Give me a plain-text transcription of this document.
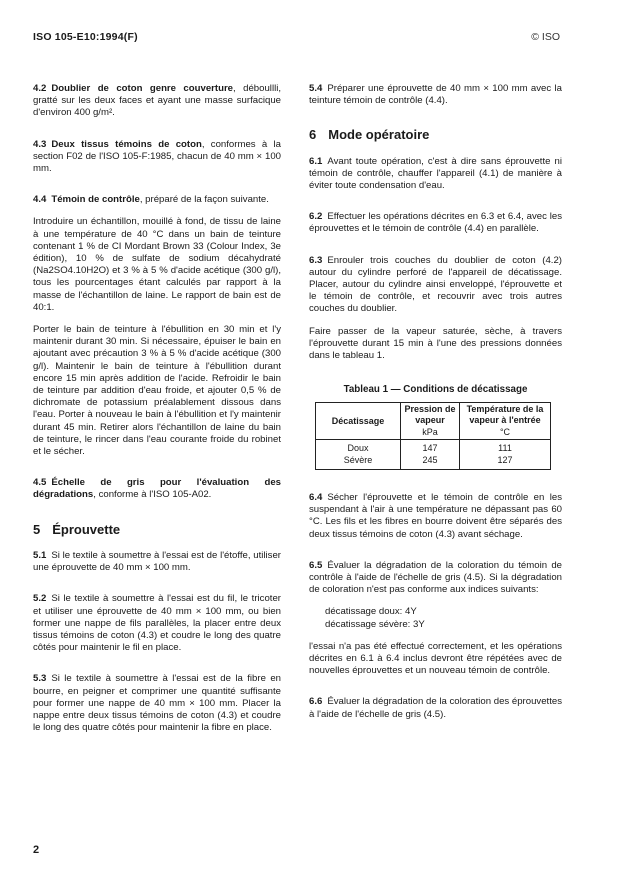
ISO 105-E10:1994(F)	© ISO

4.2 Doublier de coton genre couverture, déboullli, gratté sur les deux faces et ayant une masse surfacique d'environ 400 g/m².

4.3 Deux tissus témoins de coton, conformes à la section F02 de l'ISO 105-F:1985, chacun de 40 mm × 100 mm.

4.4 Témoin de contrôle, préparé de la façon suivante.

Introduire un échantillon, mouillé à fond, de tissu de laine à une température de 40 °C dans un bain de teinture contenant 1 % de CI Mordant Brown 33 (Colour Index, 3e édition), 10 % de sulfate de sodium décahydraté (Na2SO4.10H2O) et 3 % à 5 % d'acide acétique (300 g/l), tous les pourcentages étant calculés par rapport à la masse de l'échantillon de laine. Le rapport de bain est de 40:1.

Porter le bain de teinture à l'ébullition en 30 min et l'y maintenir durant 30 min. Si nécessaire, épuiser le bain en ajoutant avec précaution 3 % à 5 % d'acide acétique (300 g/l). Maintenir le bain de teinture à l'ébullition durant encore 15 min après addition de l'acide. Refroidir le bain de teinture par addition d'eau froide, et ajouter 0,5 % de dichromate de potassium préalablement dissous dans l'eau. Porter à nouveau le bain à l'ébullition et l'y maintenir durant 45 min. Retirer alors l'échantillon de laine du bain de teinture, le rincer dans l'eau courante froide du robinet et le sécher.

4.5 Échelle de gris pour l'évaluation des dégradations, conforme à l'ISO 105-A02.

5 Éprouvette

5.1 Si le textile à soumettre à l'essai est de l'étoffe, utiliser une éprouvette de 40 mm × 100 mm.

5.2 Si le textile à soumettre à l'essai est du fil, le tricoter et utiliser une éprouvette de 40 mm × 100 mm, ou bien former une nappe de fils parallèles, la placer entre deux tissus témoins de coton (4.3) et coudre le long des quatre côtés pour maintenir le fil en place.

5.3 Si le textile à soumettre à l'essai est de la fibre en bourre, en peigner et comprimer une quantité suffisante pour former une nappe de 40 mm × 100 mm. Placer la nappe entre deux tissus témoins de coton (4.3) et coudre le long des quatre côtés pour maintenir la fibre en place.

5.4 Préparer une éprouvette de 40 mm × 100 mm avec la teinture témoin de contrôle (4.4).

6 Mode opératoire

6.1 Avant toute opération, c'est à dire sans éprouvette ni témoin de contrôle, chauffer l'appareil (4.1) de manière à éviter toute condensation d'eau.

6.2 Effectuer les opérations décrites en 6.3 et 6.4, avec les éprouvettes et le témoin de contrôle (4.4) en parallèle.

6.3 Enrouler trois couches du doublier de coton (4.2) autour du cylindre perforé de l'appareil de décatissage. Placer, autour du cylindre ainsi enveloppé, l'éprouvette et le témoin de contrôle, et recouvrir avec trois autres couches du doublier.

Faire passer de la vapeur saturée, sèche, à travers l'éprouvette durant 15 min à l'une des pressions données dans le tableau 1.

Tableau 1 — Conditions de décatissage
Décatissage	Pression de vapeur	Température de la vapeur à l'entrée
	kPa	°C
Doux	147	111
Sévère	245	127

6.4 Sécher l'éprouvette et le témoin de contrôle en les suspendant à l'air à une température ne dépassant pas 60 °C. Les fils et les fibres en bourre doivent être séparés des deux tissus témoins de coton (4.3) avant séchage.

6.5 Évaluer la dégradation de la coloration du témoin de contrôle à l'aide de l'échelle de gris (4.5). Si la dégradation de coloration n'est pas conforme aux indices suivants:

décatissage doux: 4Y

décatissage sévère: 3Y

l'essai n'a pas été effectué correctement, et les opérations décrites en 6.1 à 6.4 inclus devront être répétées avec de nouvelles éprouvettes et un nouveau témoin de contrôle.

6.6 Évaluer la dégradation de la coloration des éprouvettes à l'aide de l'échelle de gris (4.5).

2
